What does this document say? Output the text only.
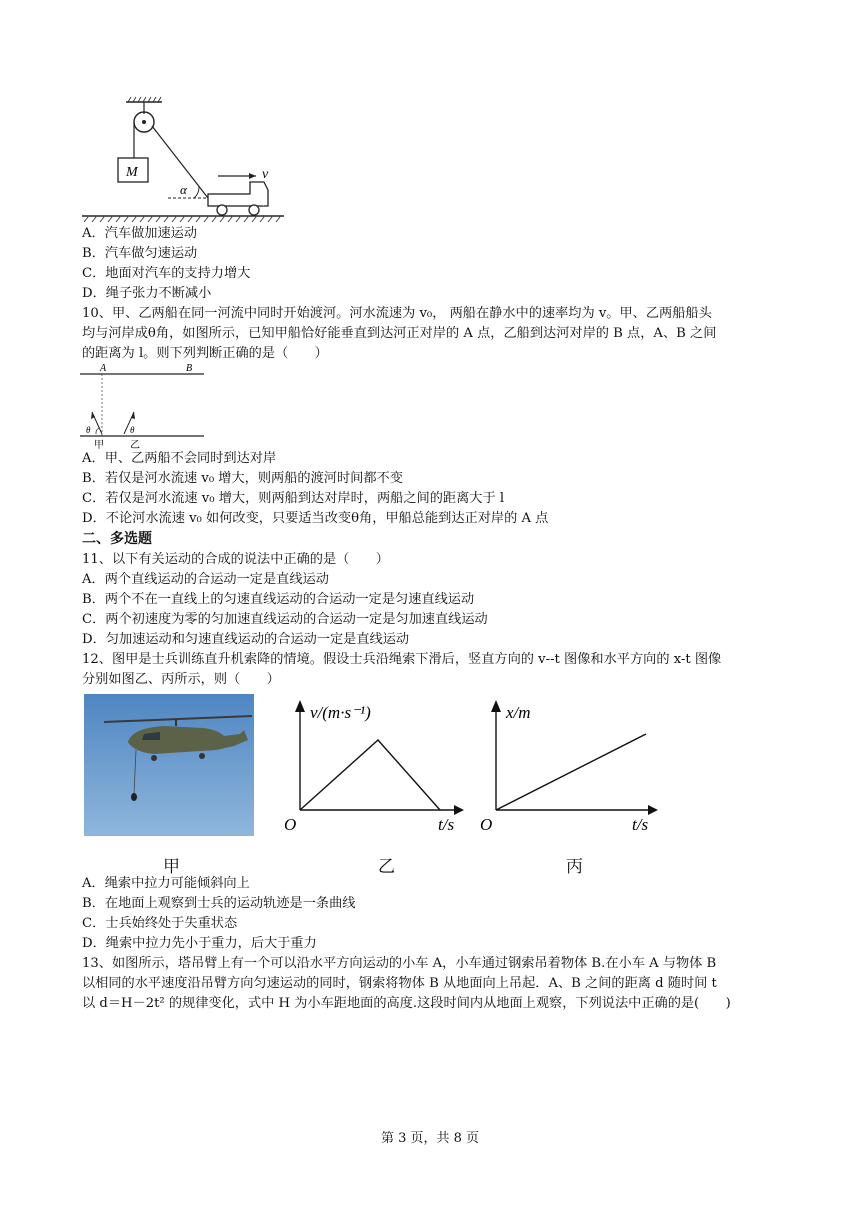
M
α
v
A．汽车做加速运动
B．汽车做匀速运动
C．地面对汽车的支持力增大
D．绳子张力不断减小
10、甲、乙两船在同一河流中同时开始渡河。河水流速为 v₀， 两船在静水中的速率均为 v。甲、乙两船船头
均与河岸成θ角，如图所示，已知甲船恰好能垂直到达河正对岸的 A 点，乙船到达河对岸的 B 点，A、B 之间
的距离为 l。则下列判断正确的是（　　）
A	B
θ	θ
甲	乙
A．甲、乙两船不会同时到达对岸
B．若仅是河水流速 v₀ 增大，则两船的渡河时间都不变
C．若仅是河水流速 v₀ 增大，则两船到达对岸时，两船之间的距离大于 l
D．不论河水流速 v₀ 如何改变，只要适当改变θ角，甲船总能到达正对岸的 A 点
二、多选题
11、以下有关运动的合成的说法中正确的是（　　）
A．两个直线运动的合运动一定是直线运动
B．两个不在一直线上的匀速直线运动的合运动一定是匀速直线运动
C．两个初速度为零的匀加速直线运动的合运动一定是匀加速直线运动
D．匀加速运动和匀速直线运动的合运动一定是直线运动
12、图甲是士兵训练直升机索降的情境。假设士兵沿绳索下滑后，竖直方向的 v--t 图像和水平方向的 x-t 图像
分别如图乙、丙所示，则（　　）
v/(m·s⁻¹)
t/s
O
x/m
t/s
O
甲	乙	丙
A．绳索中拉力可能倾斜向上
B．在地面上观察到士兵的运动轨迹是一条曲线
C．士兵始终处于失重状态
D．绳索中拉力先小于重力，后大于重力
13、如图所示，塔吊臂上有一个可以沿水平方向运动的小车 A，小车通过钢索吊着物体 B.在小车 A 与物体 B
以相同的水平速度沿吊臂方向匀速运动的同时，钢索将物体 B 从地面向上吊起．A、B 之间的距离 d 随时间 t
以 d＝H－2t² 的规律变化，式中 H 为小车距地面的高度.这段时间内从地面上观察，下列说法中正确的是(　　)
第 3 页，共 8 页
